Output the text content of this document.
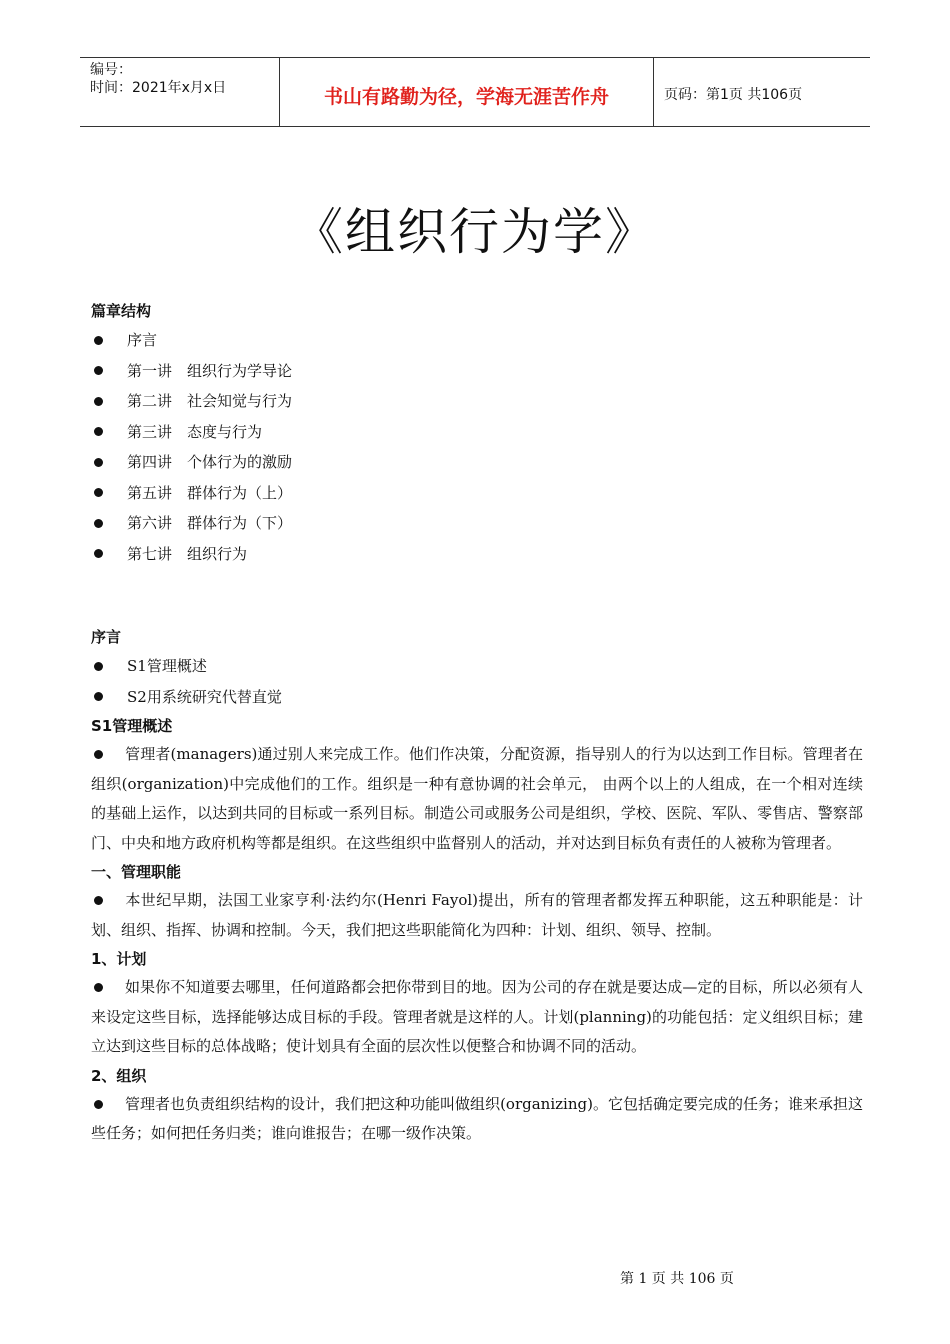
编号：
时间：2021年x月x日	书山有路勤为径，学海无涯苦作舟	页码：第1页 共106页
《组织行为学》
篇章结构
序言
第一讲　组织行为学导论
第二讲　社会知觉与行为
第三讲　态度与行为
第四讲　个体行为的激励
第五讲　群体行为（上）
第六讲　群体行为（下）
第七讲　组织行为
序言
S1管理概述
S2用系统研究代替直觉
S1管理概述
管理者(managers)通过别人来完成工作。他们作决策，分配资源，指导别人的行为以达到工作目标。管理者在组织(organization)中完成他们的工作。组织是一种有意协调的社会单元， 由两个以上的人组成，在一个相对连续的基础上运作，以达到共同的目标或一系列目标。制造公司或服务公司是组织，学校、医院、军队、零售店、警察部门、中央和地方政府机构等都是组织。在这些组织中监督别人的活动，并对达到目标负有责任的人被称为管理者。
一、管理职能
本世纪早期，法国工业家亨利·法约尔(Henri Fayol)提出，所有的管理者都发挥五种职能，这五种职能是：计划、组织、指挥、协调和控制。今天，我们把这些职能简化为四种：计划、组织、领导、控制。
1、计划
如果你不知道要去哪里，任何道路都会把你带到目的地。因为公司的存在就是要达成—定的目标，所以必须有人来设定这些目标，选择能够达成目标的手段。管理者就是这样的人。计划(planning)的功能包括：定义组织目标；建立达到这些目标的总体战略；使计划具有全面的层次性以便整合和协调不同的活动。
2、组织
管理者也负责组织结构的设计，我们把这种功能叫做组织(organizing)。它包括确定要完成的任务；谁来承担这些任务；如何把任务归类；谁向谁报告；在哪一级作决策。
第 1 页 共 106 页
